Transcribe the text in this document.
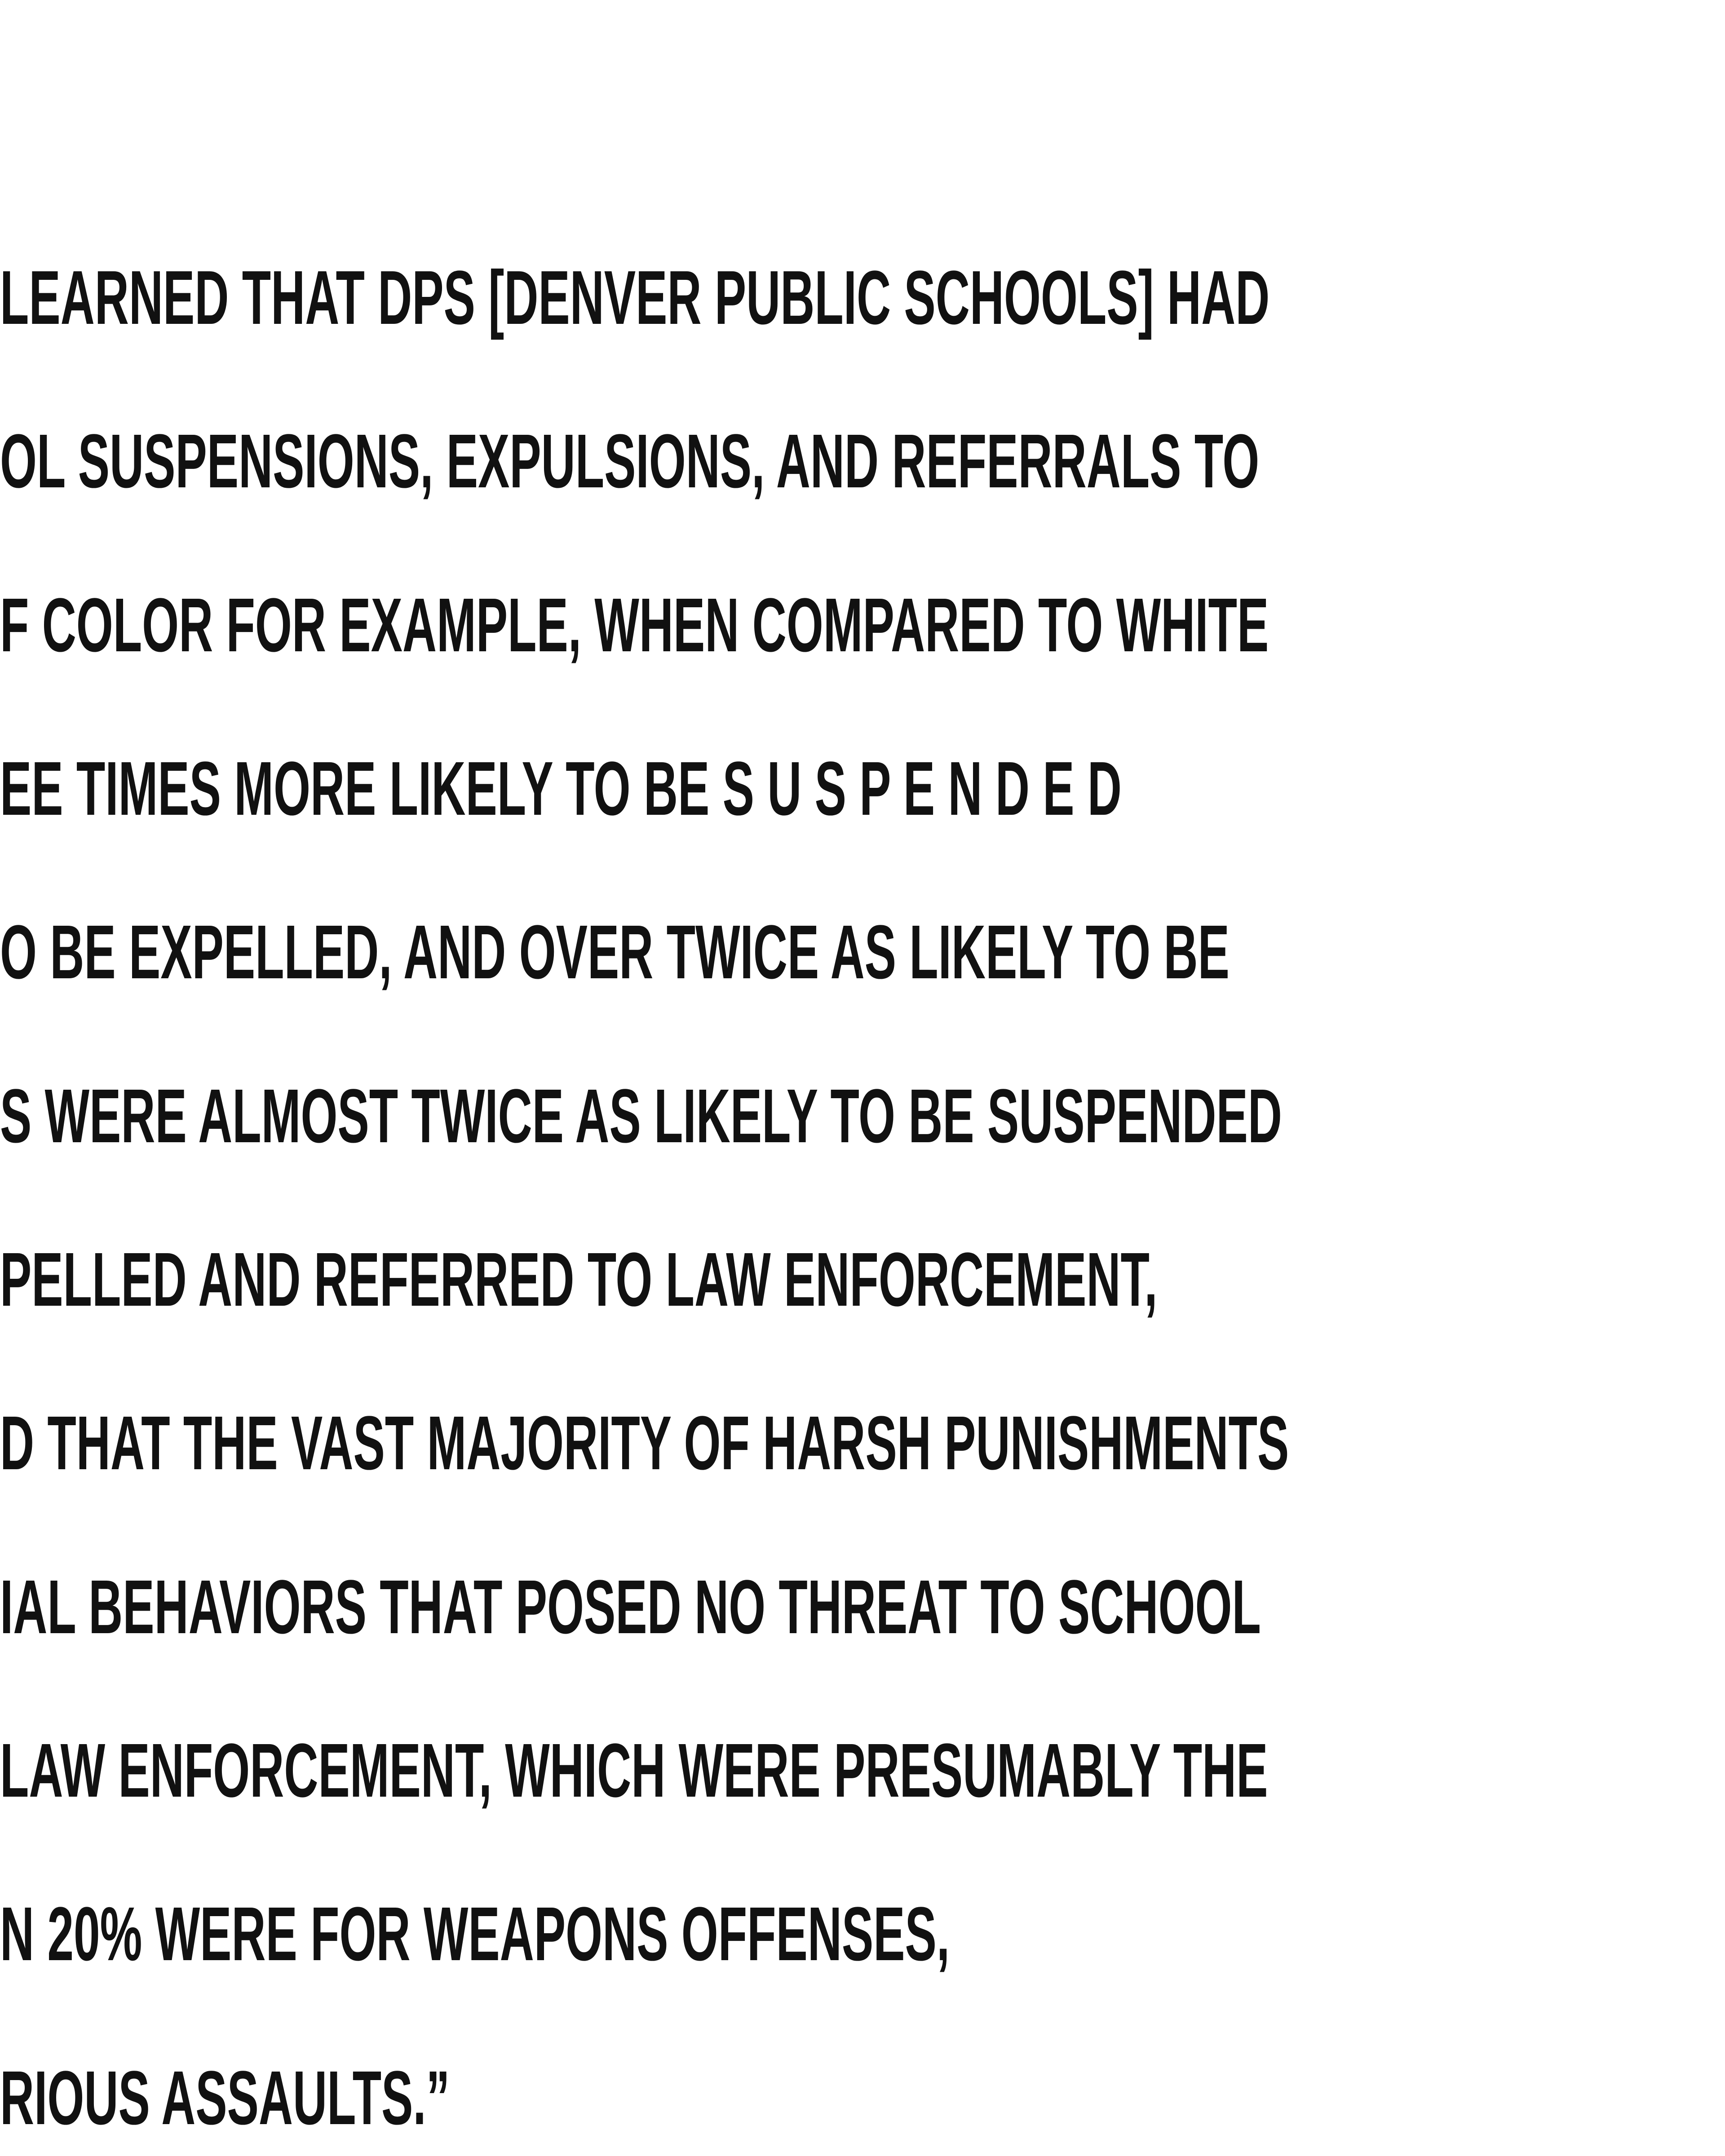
LEARNED THAT DPS [DENVER PUBLIC SCHOOLS] HAD
OL SUSPENSIONS, EXPULSIONS, AND REFERRALS TO
F COLOR FOR EXAMPLE, WHEN COMPARED TO WHITE
EE TIMES MORE LIKELY TO BE S U S P E N D E D
O BE EXPELLED, AND OVER TWICE AS LIKELY TO BE
S WERE ALMOST TWICE AS LIKELY TO BE SUSPENDED
PELLED AND REFERRED TO LAW ENFORCEMENT,
D THAT THE VAST MAJORITY OF HARSH PUNISHMENTS
IAL BEHAVIORS THAT POSED NO THREAT TO SCHOOL
LAW ENFORCEMENT, WHICH WERE PRESUMABLY THE
N 20% WERE FOR WEAPONS OFFENSES,
RIOUS ASSAULTS.”
